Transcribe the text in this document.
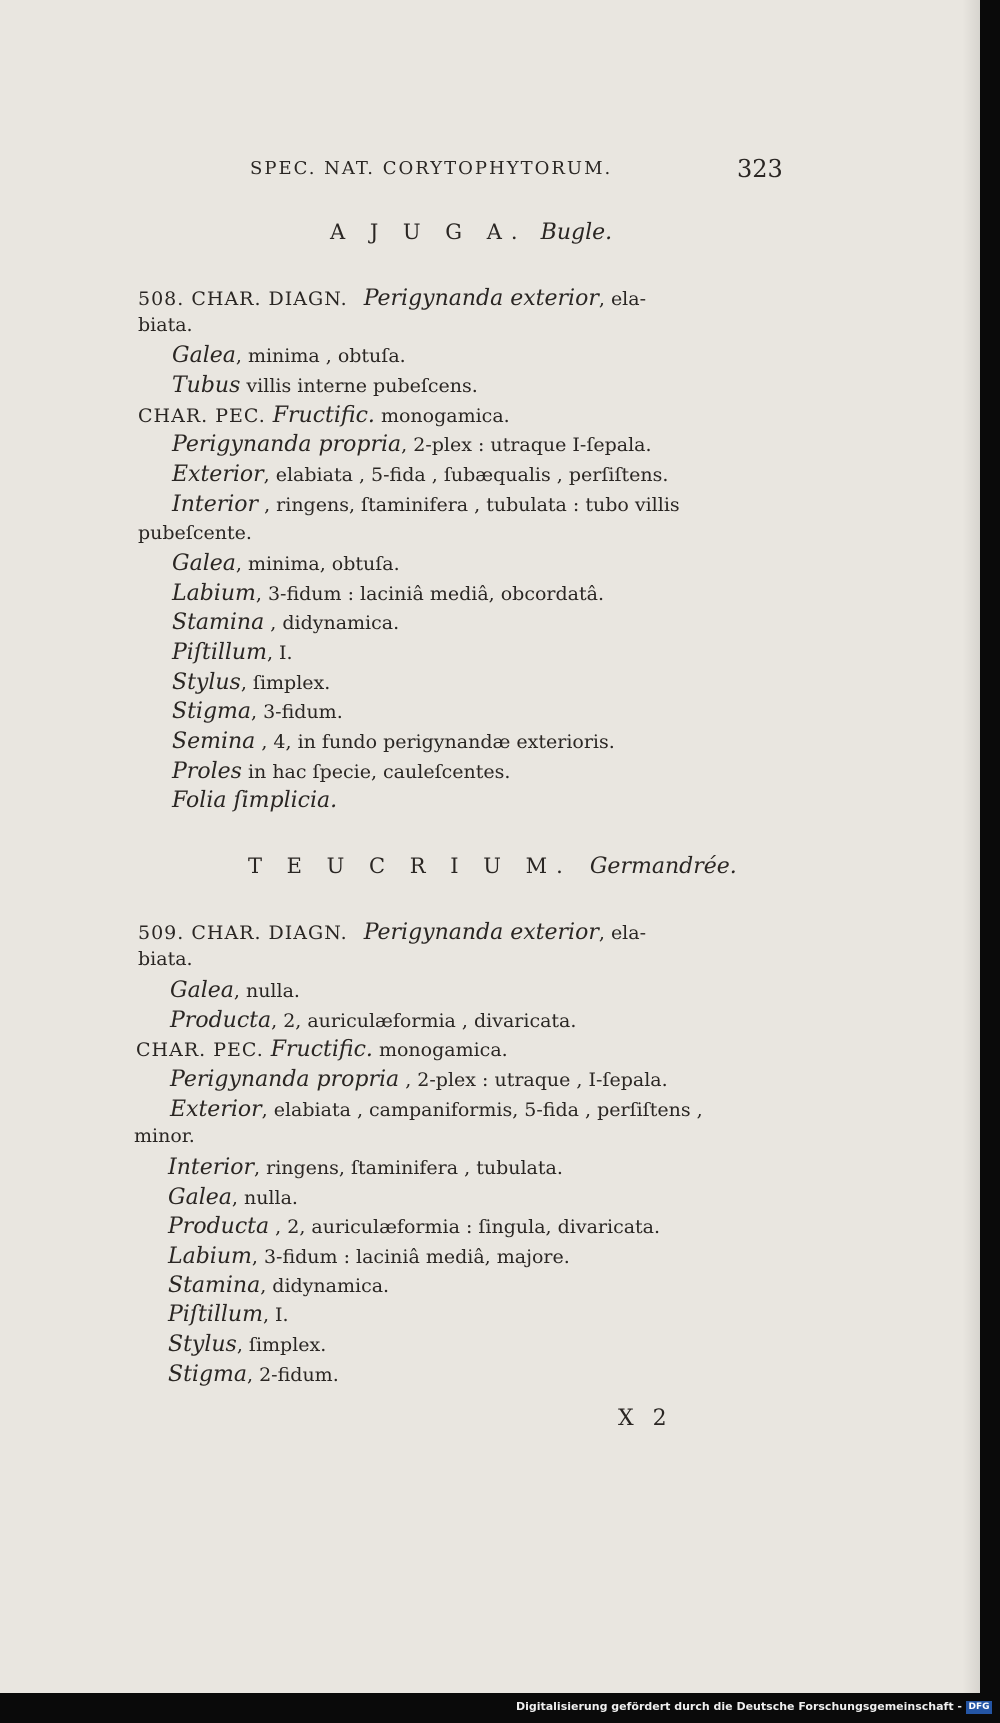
SPEC. NAT. CORYTOPHYTORUM.	323
A J U G A. Bugle.
508. CHAR. DIAGN. Perigynanda exterior, ela-
biata.
Galea, minima , obtuſa.
Tubus villis interne pubeſcens.
CHAR. PEC. Fructific. monogamica.
Perigynanda propria, 2-plex : utraque I-ſepala.
Exterior, elabiata , 5-fida , ſubæqualis , perſiſtens.
Interior , ringens, ſtaminifera , tubulata : tubo villis
pubeſcente.
Galea, minima, obtuſa.
Labium, 3-fidum : laciniâ mediâ, obcordatâ.
Stamina , didynamica.
Piſtillum, I.
Stylus, ſimplex.
Stigma, 3-fidum.
Semina , 4, in fundo perigynandæ exterioris.
Proles in hac ſpecie, cauleſcentes.
Folia ſimplicia.
T E U C R I U M. Germandrée.
509. CHAR. DIAGN. Perigynanda exterior, ela-
biata.
Galea, nulla.
Producta, 2, auriculæformia , divaricata.
CHAR. PEC. Fructific. monogamica.
Perigynanda propria , 2-plex : utraque , I-ſepala.
Exterior, elabiata , campaniformis, 5-fida , perſiſtens ,
minor.
Interior, ringens, ſtaminifera , tubulata.
Galea, nulla.
Producta , 2, auriculæformia : ſingula, divaricata.
Labium, 3-fidum : laciniâ mediâ, majore.
Stamina, didynamica.
Piſtillum, I.
Stylus, ſimplex.
Stigma, 2-fidum.
X 2
Digitalisierung gefördert durch die Deutsche Forschungsgemeinschaft - DFG
